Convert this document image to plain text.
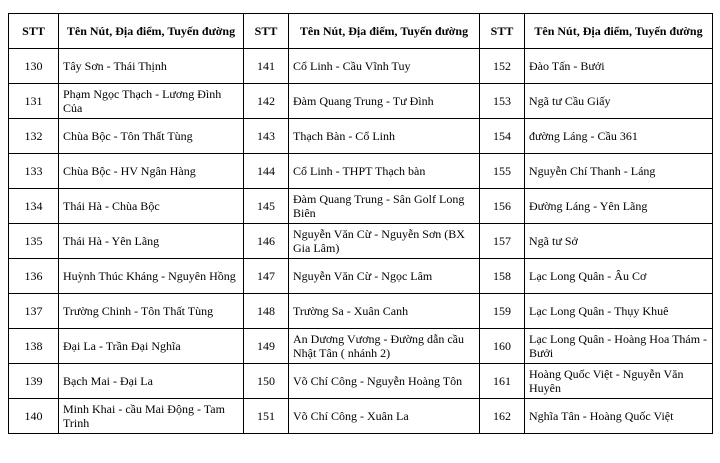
STT	Tên Nút, Địa điểm, Tuyến đường	STT	Tên Nút, Địa điểm, Tuyến đường	STT	Tên Nút, Địa điểm, Tuyến đường
130	Tây Sơn - Thái Thịnh	141	Cổ Linh - Cầu Vĩnh Tuy	152	Đào Tấn - Bưởi
131	Phạm Ngọc Thạch - Lương Đình Của	142	Đàm Quang Trung - Tư Đình	153	Ngã tư Cầu Giấy
132	Chùa Bộc - Tôn Thất Tùng	143	Thạch Bàn - Cổ Linh	154	đường Láng - Cầu 361
133	Chùa Bộc - HV Ngân Hàng	144	Cổ Linh - THPT Thạch bàn	155	Nguyễn Chí Thanh - Láng
134	Thái Hà - Chùa Bộc	145	Đàm Quang Trung - Sân Golf Long Biên	156	Đường Láng - Yên Lãng
135	Thái Hà - Yên Lãng	146	Nguyễn Văn Cừ - Nguyễn Sơn (BX Gia Lâm)	157	Ngã tư Sở
136	Huỳnh Thúc Kháng - Nguyên Hồng	147	Nguyễn Văn Cừ - Ngọc Lâm	158	Lạc Long Quân - Âu Cơ
137	Trường Chinh - Tôn Thất Tùng	148	Trường Sa - Xuân Canh	159	Lạc Long Quân - Thụy Khuê
138	Đại La - Trần Đại Nghĩa	149	An Dương Vương - Đường dẫn cầu Nhật Tân ( nhánh 2)	160	Lạc Long Quân - Hoàng Hoa Thám - Bưởi
139	Bạch Mai - Đại La	150	Võ Chí Công - Nguyễn Hoàng Tôn	161	Hoàng Quốc Việt - Nguyễn Văn Huyên
140	Minh Khai - cầu Mai Động - Tam Trinh	151	Võ Chí Công - Xuân La	162	Nghĩa Tân - Hoàng Quốc Việt
